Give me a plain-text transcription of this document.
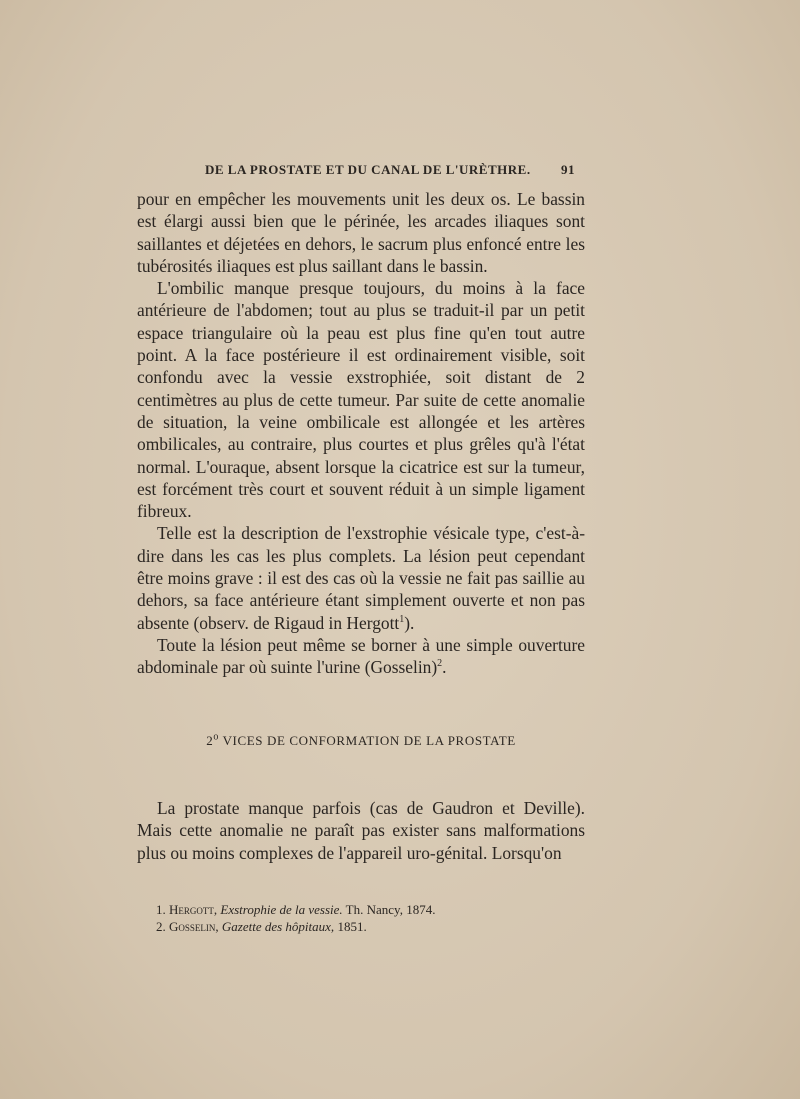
DE LA PROSTATE ET DU CANAL DE L'URÈTHRE. 91

pour en empêcher les mouvements unit les deux os. Le bassin est élargi aussi bien que le périnée, les arcades iliaques sont saillantes et déjetées en dehors, le sacrum plus enfoncé entre les tubérosités iliaques est plus saillant dans le bassin.

L'ombilic manque presque toujours, du moins à la face antérieure de l'abdomen; tout au plus se traduit-il par un petit espace triangulaire où la peau est plus fine qu'en tout autre point. A la face postérieure il est ordinairement visible, soit confondu avec la vessie exstrophiée, soit distant de 2 centimètres au plus de cette tumeur. Par suite de cette anomalie de situation, la veine ombilicale est allongée et les artères ombilicales, au contraire, plus courtes et plus grêles qu'à l'état normal. L'ouraque, absent lorsque la cicatrice est sur la tumeur, est forcément très court et souvent réduit à un simple ligament fibreux.

Telle est la description de l'exstrophie vésicale type, c'est-à-dire dans les cas les plus complets. La lésion peut cependant être moins grave : il est des cas où la vessie ne fait pas saillie au dehors, sa face antérieure étant simplement ouverte et non pas absente (observ. de Rigaud in Hergott$^1$).

Toute la lésion peut même se borner à une simple ouverture abdominale par où suinte l'urine (Gosselin)$^2$.

2$^o$ VICES DE CONFORMATION DE LA PROSTATE

La prostate manque parfois (cas de Gaudron et Deville). Mais cette anomalie ne paraît pas exister sans malformations plus ou moins complexes de l'appareil uro-génital. Lorsqu'on

1. Hergott, Exstrophie de la vessie. Th. Nancy, 1874.
2. Gosselin, Gazette des hôpitaux, 1851.
